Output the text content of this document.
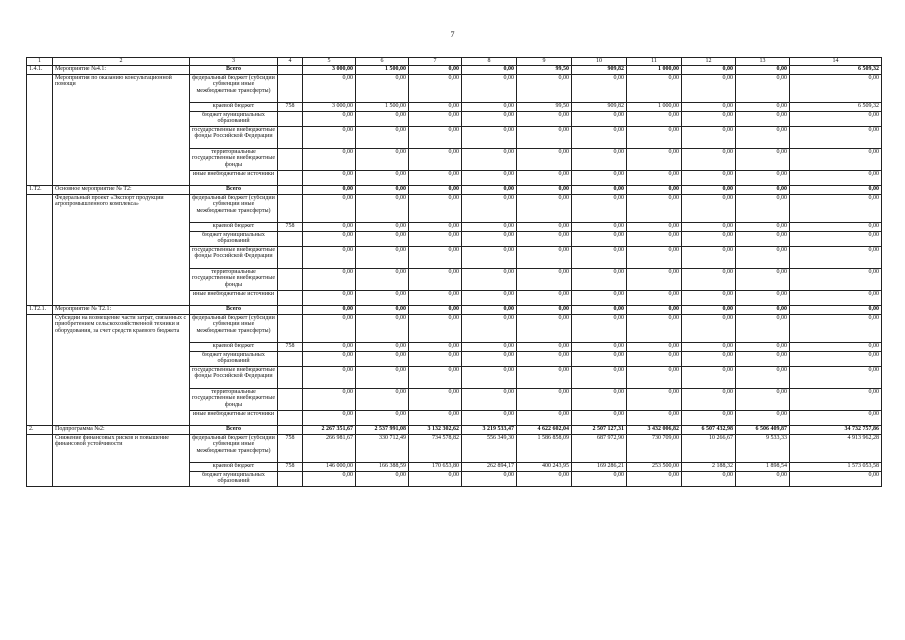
7
1	2	3	4	5	6	7	8	9	10	11	12	13	14
1.4.1.	Мероприятие №4.1:	Всего		3 000,00	1 500,00	0,00	0,00	99,50	909,82	1 000,00	0,00	0,00	6 509,32
	Мероприятия по оказанию консультационной помощи	федеральный бюджет (субсидии субвенции иные межбюджетные трансферты)		0,00	0,00	0,00	0,00	0,00	0,00	0,00	0,00	0,00	0,00
		краевой бюджет	758	3 000,00	1 500,00	0,00	0,00	99,50	909,82	1 000,00	0,00	0,00	6 509,32
		бюджет муниципальных образований		0,00	0,00	0,00	0,00	0,00	0,00	0,00	0,00	0,00	0,00
		государственные внебюджетные фонды Российской Федерации		0,00	0,00	0,00	0,00	0,00	0,00	0,00	0,00	0,00	0,00
		территориальные государственные внебюджетные фонды		0,00	0,00	0,00	0,00	0,00	0,00	0,00	0,00	0,00	0,00
		иные внебюджетные источники		0,00	0,00	0,00	0,00	0,00	0,00	0,00	0,00	0,00	0,00
1.T2.	Основное мероприятие № T2:	Всего		0,00	0,00	0,00	0,00	0,00	0,00	0,00	0,00	0,00	0,00
	Федеральный проект «Экспорт продукции агропромышленного комплекса»	федеральный бюджет (субсидии субвенции иные межбюджетные трансферты)		0,00	0,00	0,00	0,00	0,00	0,00	0,00	0,00	0,00	0,00
		краевой бюджет	758	0,00	0,00	0,00	0,00	0,00	0,00	0,00	0,00	0,00	0,00
		бюджет муниципальных образований		0,00	0,00	0,00	0,00	0,00	0,00	0,00	0,00	0,00	0,00
		государственные внебюджетные фонды Российской Федерации		0,00	0,00	0,00	0,00	0,00	0,00	0,00	0,00	0,00	0,00
		территориальные государственные внебюджетные фонды		0,00	0,00	0,00	0,00	0,00	0,00	0,00	0,00	0,00	0,00
		иные внебюджетные источники		0,00	0,00	0,00	0,00	0,00	0,00	0,00	0,00	0,00	0,00
1.T2.1.	Мероприятие № T2.1:	Всего		0,00	0,00	0,00	0,00	0,00	0,00	0,00	0,00	0,00	0,00
	Субсидии на возмещение части затрат, связанных с приобретением сельскохозяйственной техники и оборудования, за счет средств краевого бюджета	федеральный бюджет (субсидии субвенции иные межбюджетные трансферты)		0,00	0,00	0,00	0,00	0,00	0,00	0,00	0,00	0,00	0,00
		краевой бюджет	758	0,00	0,00	0,00	0,00	0,00	0,00	0,00	0,00	0,00	0,00
		бюджет муниципальных образований		0,00	0,00	0,00	0,00	0,00	0,00	0,00	0,00	0,00	0,00
		государственные внебюджетные фонды Российской Федерации		0,00	0,00	0,00	0,00	0,00	0,00	0,00	0,00	0,00	0,00
		территориальные государственные внебюджетные фонды		0,00	0,00	0,00	0,00	0,00	0,00	0,00	0,00	0,00	0,00
		иные внебюджетные источники		0,00	0,00	0,00	0,00	0,00	0,00	0,00	0,00	0,00	0,00
2.	Подпрограмма №2:	Всего		2 267 351,67	2 537 991,08	3 132 302,62	3 219 533,47	4 622 602,04	2 507 127,31	3 432 006,82	6 507 432,98	6 506 409,87	34 732 757,86
	Снижение финансовых рисков и повышение финансовой устойчивости	федеральный бюджет (субсидии субвенции иные межбюджетные трансферты)	758	266 981,67	330 712,49	734 578,82	556 349,30	1 586 858,09	687 972,90	730 709,00	10 266,67	9 533,33	4 913 962,28
		краевой бюджет	758	146 000,00	166 388,59	170 653,80	262 894,17	400 243,95	169 286,21	253 500,00	2 188,32	1 898,54	1 573 053,58
		бюджет муниципальных образований		0,00	0,00	0,00	0,00	0,00	0,00	0,00	0,00	0,00	0,00
